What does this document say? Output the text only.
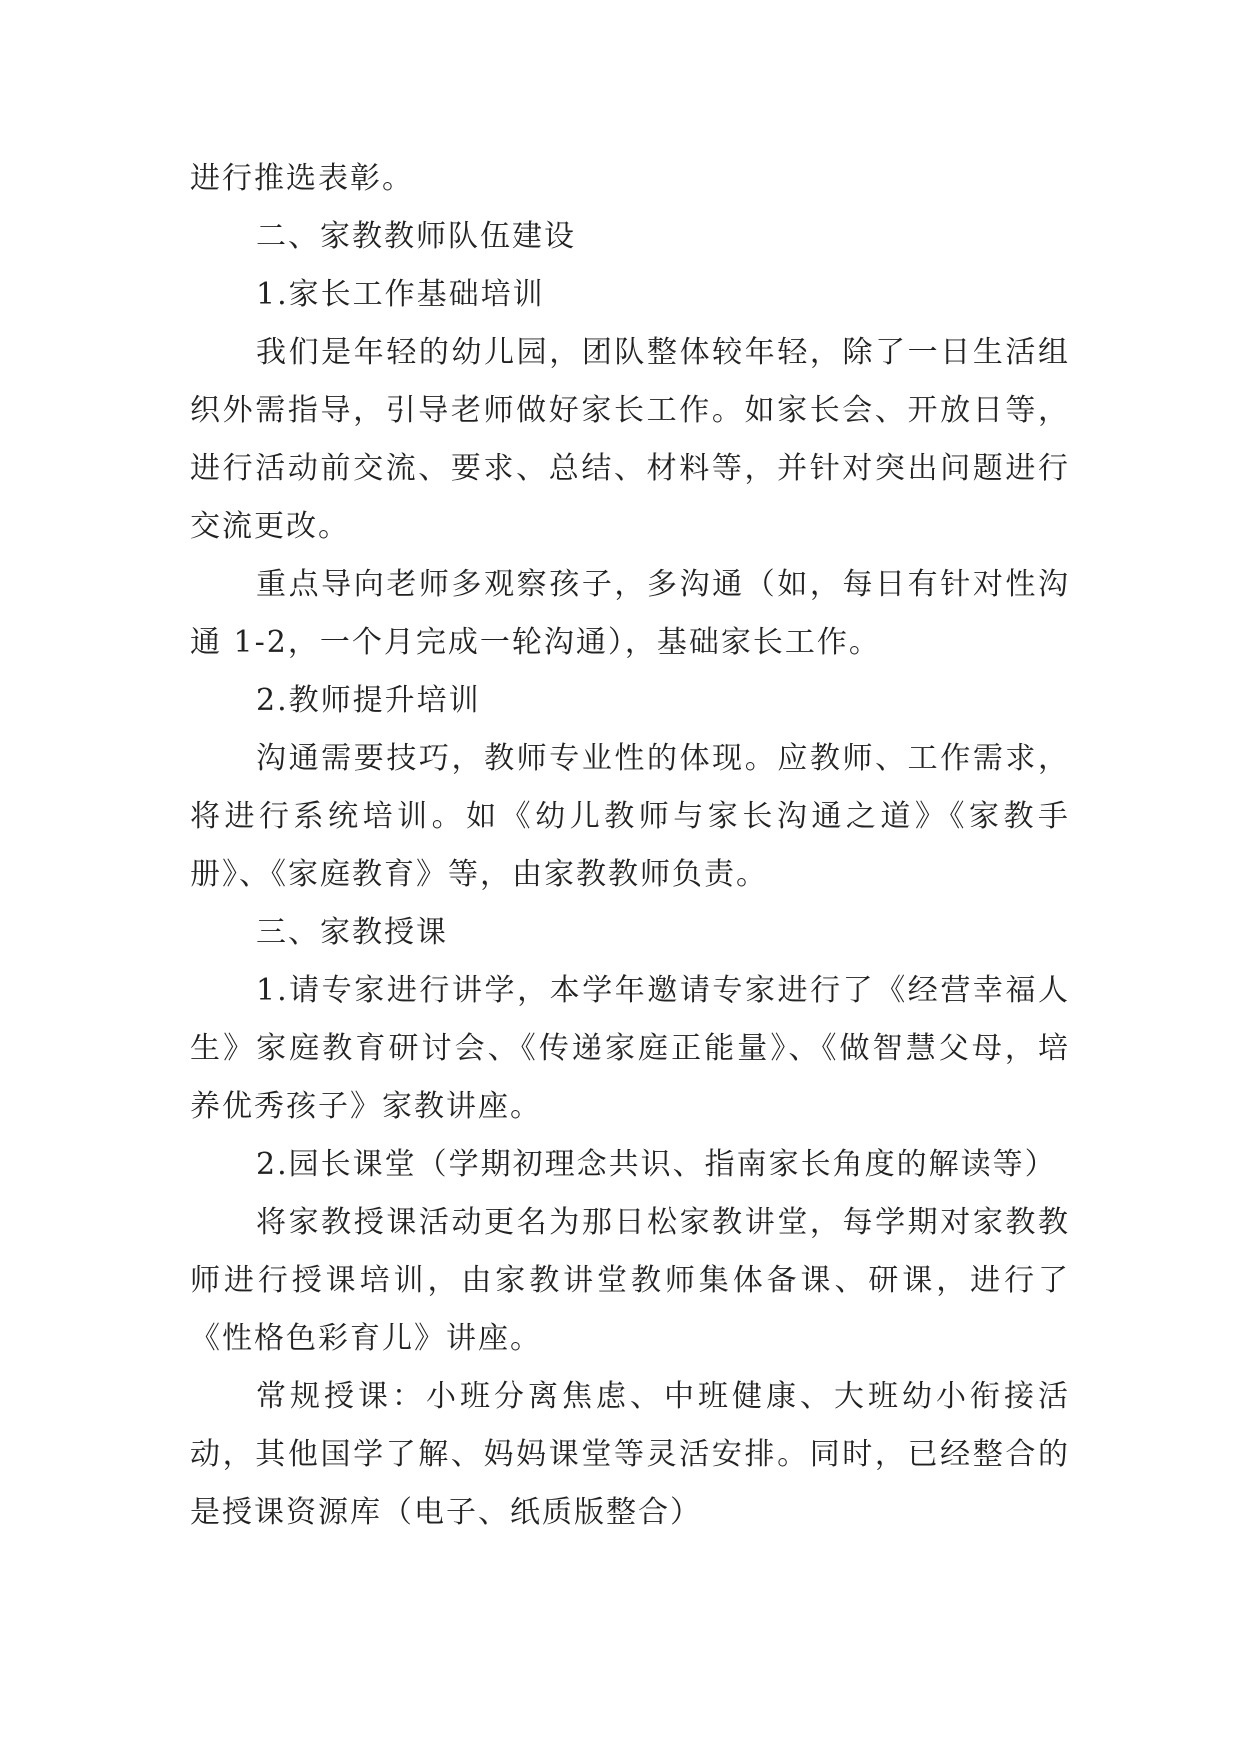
进行推选表彰。

二、家教教师队伍建设

1.家长工作基础培训

我们是年轻的幼儿园，团队整体较年轻，除了一日生活组织外需指导，引导老师做好家长工作。如家长会、开放日等，进行活动前交流、要求、总结、材料等，并针对突出问题进行交流更改。

重点导向老师多观察孩子，多沟通（如，每日有针对性沟通 1-2，一个月完成一轮沟通），基础家长工作。

2.教师提升培训

沟通需要技巧，教师专业性的体现。应教师、工作需求，将进行系统培训。如《幼儿教师与家长沟通之道》《家教手册》、《家庭教育》等，由家教教师负责。

三、家教授课

1.请专家进行讲学，本学年邀请专家进行了《经营幸福人生》家庭教育研讨会、《传递家庭正能量》、《做智慧父母，培养优秀孩子》家教讲座。

2.园长课堂（学期初理念共识、指南家长角度的解读等）

将家教授课活动更名为那日松家教讲堂，每学期对家教教师进行授课培训，由家教讲堂教师集体备课、研课，进行了《性格色彩育儿》讲座。

常规授课：小班分离焦虑、中班健康、大班幼小衔接活动，其他国学了解、妈妈课堂等灵活安排。同时，已经整合的是授课资源库（电子、纸质版整合）
